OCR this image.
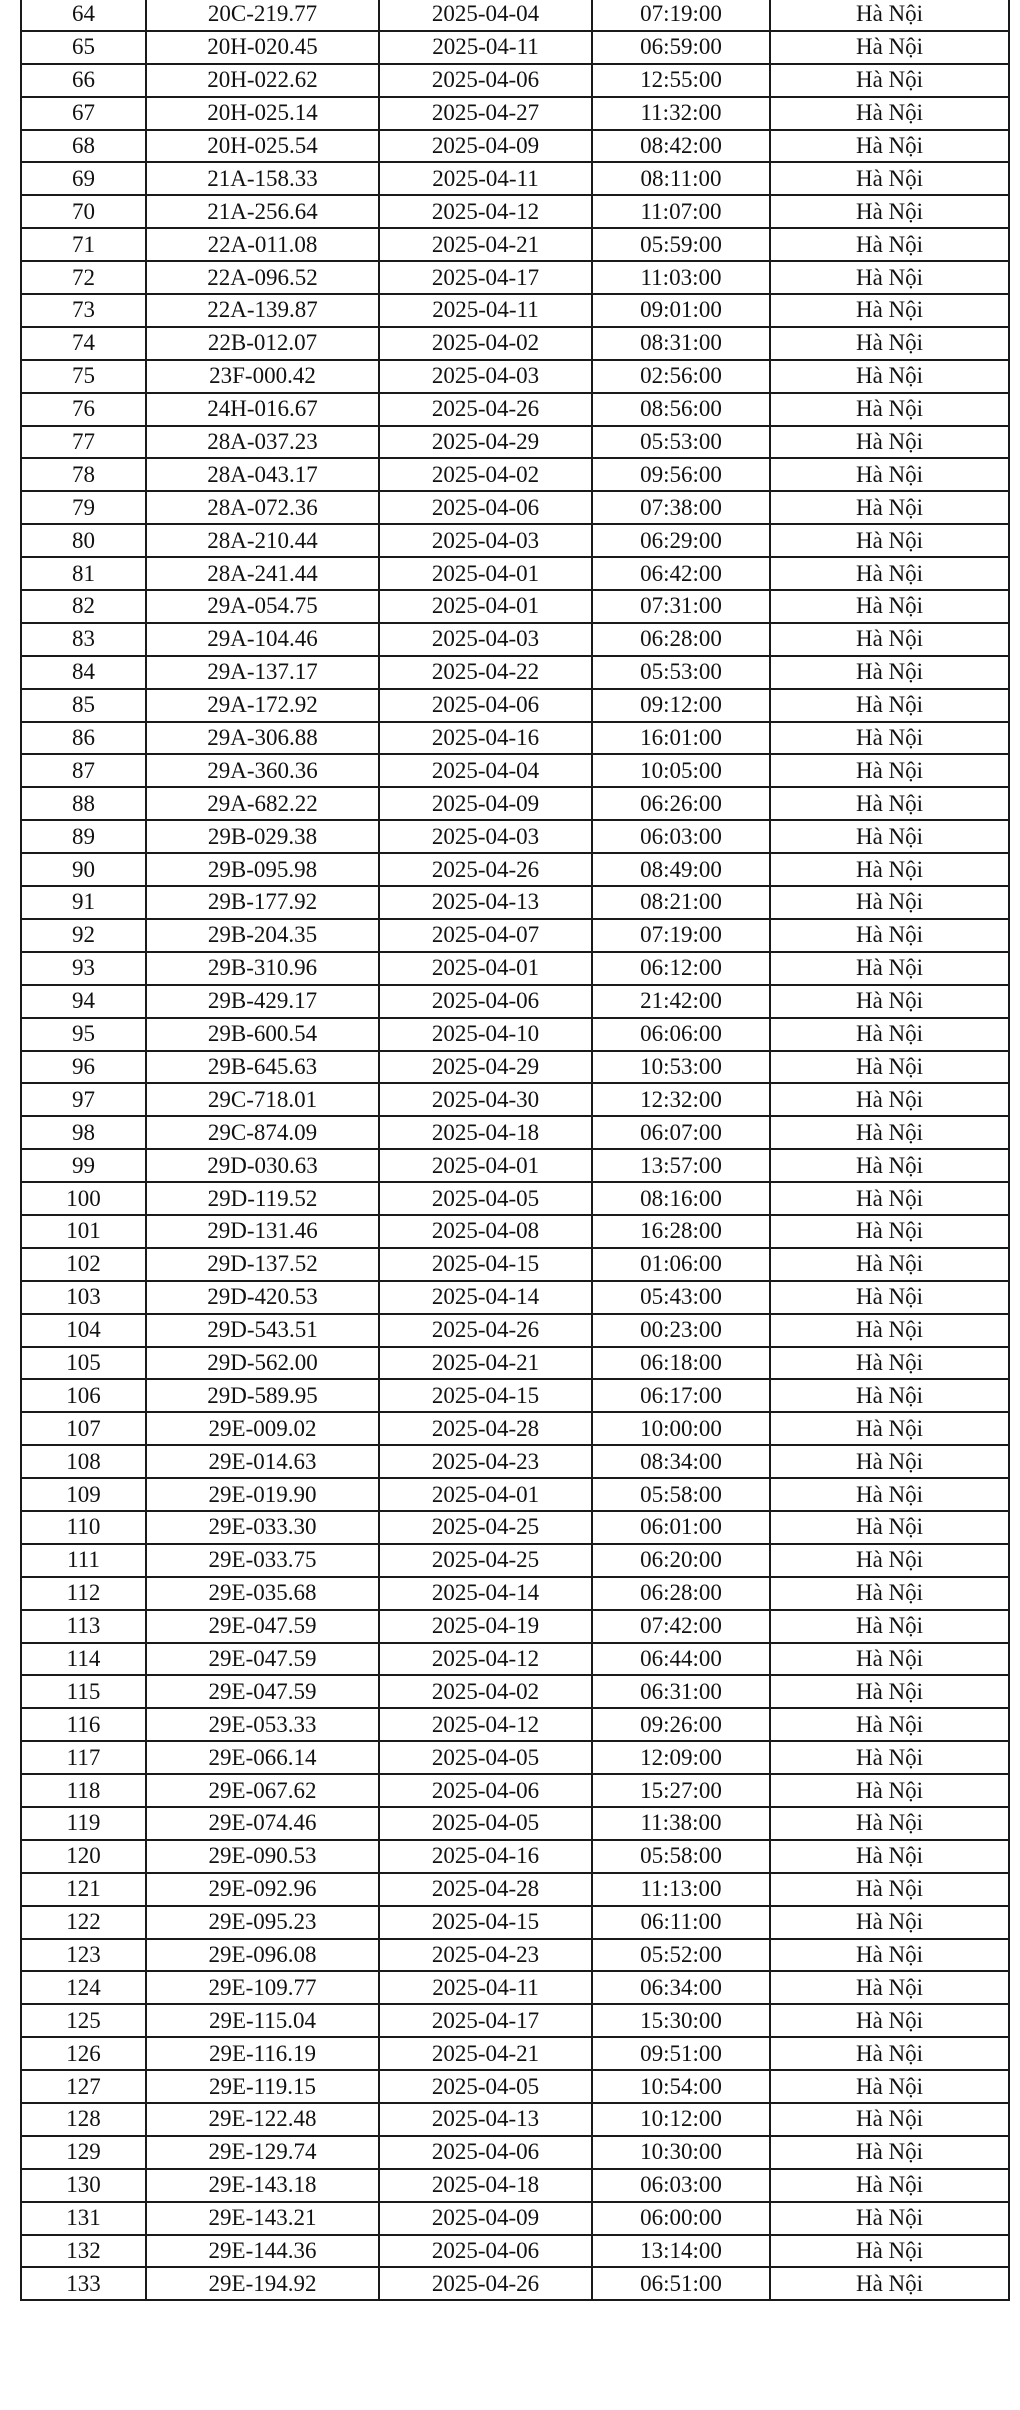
64	20C-219.77	2025-04-04	07:19:00	Hà Nội
65	20H-020.45	2025-04-11	06:59:00	Hà Nội
66	20H-022.62	2025-04-06	12:55:00	Hà Nội
67	20H-025.14	2025-04-27	11:32:00	Hà Nội
68	20H-025.54	2025-04-09	08:42:00	Hà Nội
69	21A-158.33	2025-04-11	08:11:00	Hà Nội
70	21A-256.64	2025-04-12	11:07:00	Hà Nội
71	22A-011.08	2025-04-21	05:59:00	Hà Nội
72	22A-096.52	2025-04-17	11:03:00	Hà Nội
73	22A-139.87	2025-04-11	09:01:00	Hà Nội
74	22B-012.07	2025-04-02	08:31:00	Hà Nội
75	23F-000.42	2025-04-03	02:56:00	Hà Nội
76	24H-016.67	2025-04-26	08:56:00	Hà Nội
77	28A-037.23	2025-04-29	05:53:00	Hà Nội
78	28A-043.17	2025-04-02	09:56:00	Hà Nội
79	28A-072.36	2025-04-06	07:38:00	Hà Nội
80	28A-210.44	2025-04-03	06:29:00	Hà Nội
81	28A-241.44	2025-04-01	06:42:00	Hà Nội
82	29A-054.75	2025-04-01	07:31:00	Hà Nội
83	29A-104.46	2025-04-03	06:28:00	Hà Nội
84	29A-137.17	2025-04-22	05:53:00	Hà Nội
85	29A-172.92	2025-04-06	09:12:00	Hà Nội
86	29A-306.88	2025-04-16	16:01:00	Hà Nội
87	29A-360.36	2025-04-04	10:05:00	Hà Nội
88	29A-682.22	2025-04-09	06:26:00	Hà Nội
89	29B-029.38	2025-04-03	06:03:00	Hà Nội
90	29B-095.98	2025-04-26	08:49:00	Hà Nội
91	29B-177.92	2025-04-13	08:21:00	Hà Nội
92	29B-204.35	2025-04-07	07:19:00	Hà Nội
93	29B-310.96	2025-04-01	06:12:00	Hà Nội
94	29B-429.17	2025-04-06	21:42:00	Hà Nội
95	29B-600.54	2025-04-10	06:06:00	Hà Nội
96	29B-645.63	2025-04-29	10:53:00	Hà Nội
97	29C-718.01	2025-04-30	12:32:00	Hà Nội
98	29C-874.09	2025-04-18	06:07:00	Hà Nội
99	29D-030.63	2025-04-01	13:57:00	Hà Nội
100	29D-119.52	2025-04-05	08:16:00	Hà Nội
101	29D-131.46	2025-04-08	16:28:00	Hà Nội
102	29D-137.52	2025-04-15	01:06:00	Hà Nội
103	29D-420.53	2025-04-14	05:43:00	Hà Nội
104	29D-543.51	2025-04-26	00:23:00	Hà Nội
105	29D-562.00	2025-04-21	06:18:00	Hà Nội
106	29D-589.95	2025-04-15	06:17:00	Hà Nội
107	29E-009.02	2025-04-28	10:00:00	Hà Nội
108	29E-014.63	2025-04-23	08:34:00	Hà Nội
109	29E-019.90	2025-04-01	05:58:00	Hà Nội
110	29E-033.30	2025-04-25	06:01:00	Hà Nội
111	29E-033.75	2025-04-25	06:20:00	Hà Nội
112	29E-035.68	2025-04-14	06:28:00	Hà Nội
113	29E-047.59	2025-04-19	07:42:00	Hà Nội
114	29E-047.59	2025-04-12	06:44:00	Hà Nội
115	29E-047.59	2025-04-02	06:31:00	Hà Nội
116	29E-053.33	2025-04-12	09:26:00	Hà Nội
117	29E-066.14	2025-04-05	12:09:00	Hà Nội
118	29E-067.62	2025-04-06	15:27:00	Hà Nội
119	29E-074.46	2025-04-05	11:38:00	Hà Nội
120	29E-090.53	2025-04-16	05:58:00	Hà Nội
121	29E-092.96	2025-04-28	11:13:00	Hà Nội
122	29E-095.23	2025-04-15	06:11:00	Hà Nội
123	29E-096.08	2025-04-23	05:52:00	Hà Nội
124	29E-109.77	2025-04-11	06:34:00	Hà Nội
125	29E-115.04	2025-04-17	15:30:00	Hà Nội
126	29E-116.19	2025-04-21	09:51:00	Hà Nội
127	29E-119.15	2025-04-05	10:54:00	Hà Nội
128	29E-122.48	2025-04-13	10:12:00	Hà Nội
129	29E-129.74	2025-04-06	10:30:00	Hà Nội
130	29E-143.18	2025-04-18	06:03:00	Hà Nội
131	29E-143.21	2025-04-09	06:00:00	Hà Nội
132	29E-144.36	2025-04-06	13:14:00	Hà Nội
133	29E-194.92	2025-04-26	06:51:00	Hà Nội
